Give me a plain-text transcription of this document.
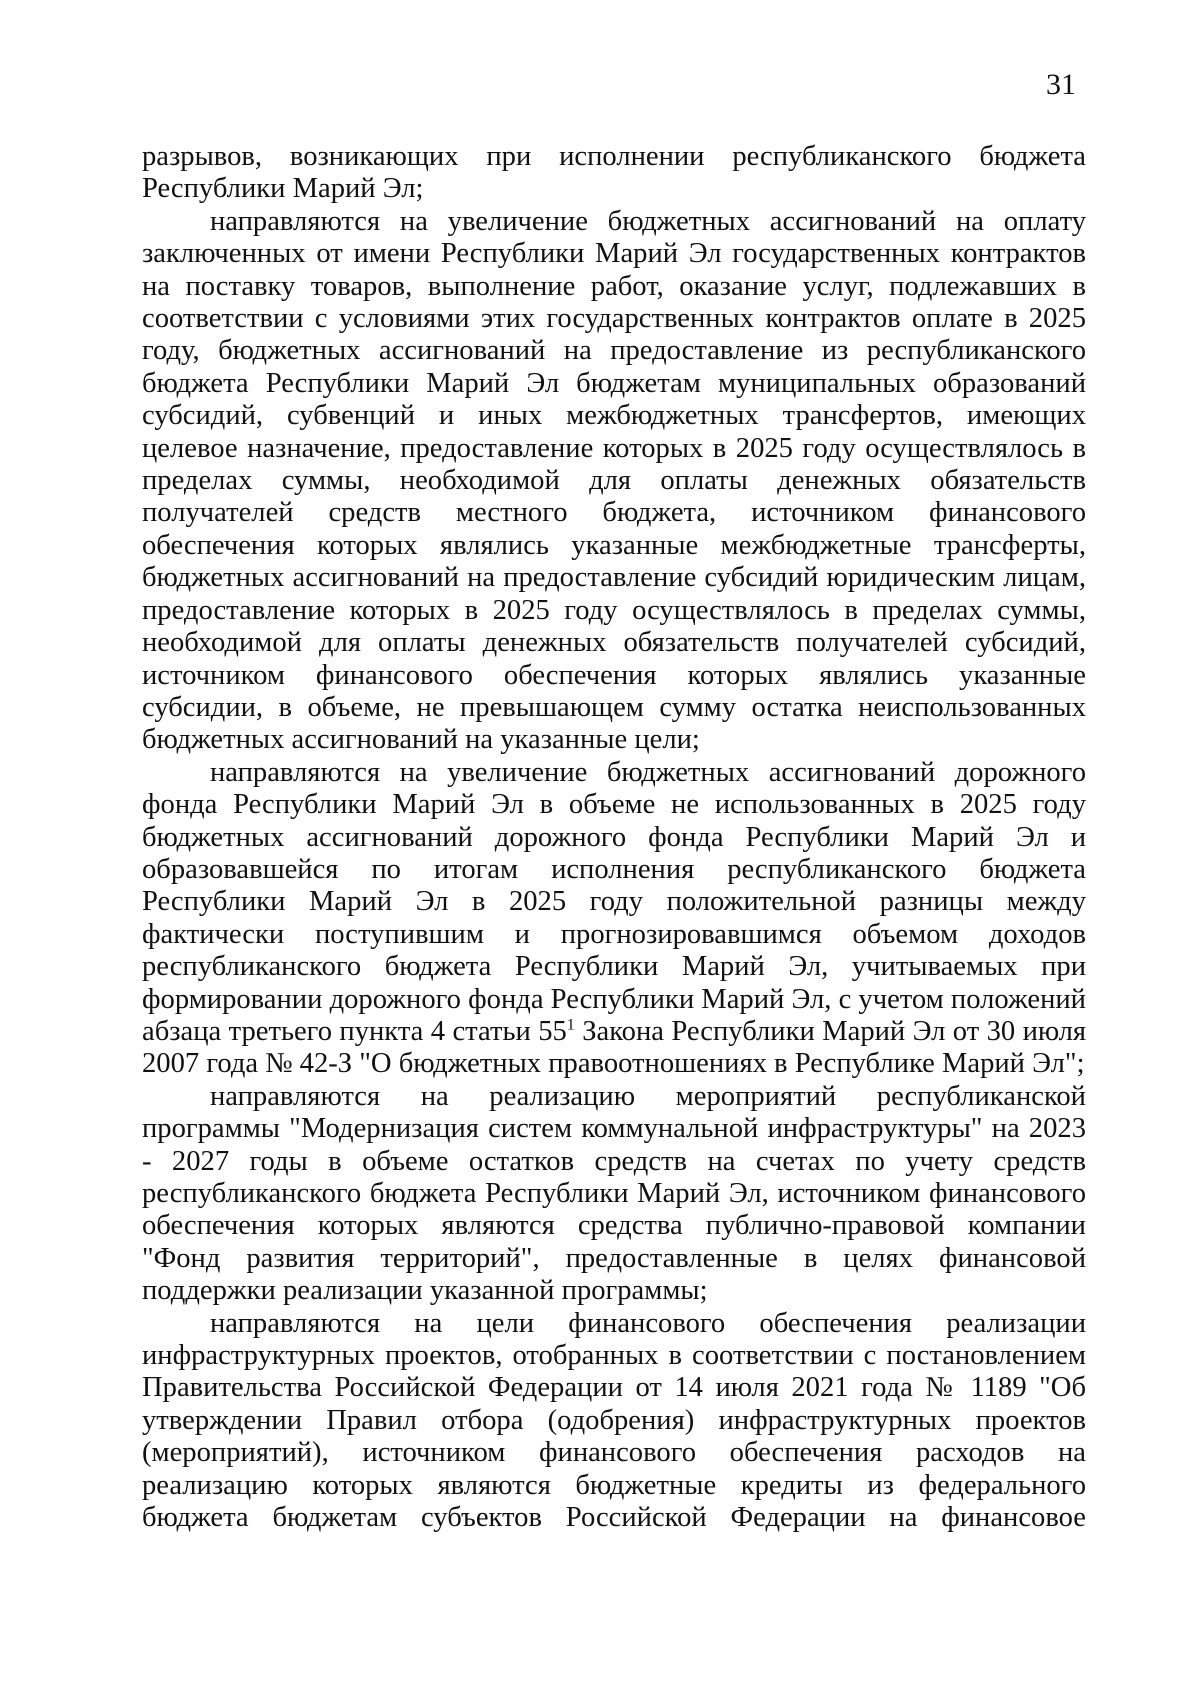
31

разрывов, возникающих при исполнении республиканского бюджета Республики Марий Эл;

направляются на увеличение бюджетных ассигнований на оплату заключенных от имени Республики Марий Эл государственных контрактов на поставку товаров, выполнение работ, оказание услуг, подлежавших в соответствии с условиями этих государственных контрактов оплате в 2025 году, бюджетных ассигнований на предоставление из республиканского бюджета Республики Марий Эл бюджетам муниципальных образований субсидий, субвенций и иных межбюджетных трансфертов, имеющих целевое назначение, предоставление которых в 2025 году осуществлялось в пределах суммы, необходимой для оплаты денежных обязательств получателей средств местного бюджета, источником финансового обеспечения которых являлись указанные межбюджетные трансферты, бюджетных ассигнований на предоставление субсидий юридическим лицам, предоставление которых в 2025 году осуществлялось в пределах суммы, необходимой для оплаты денежных обязательств получателей субсидий, источником финансового обеспечения которых являлись указанные субсидии, в объеме, не превышающем сумму остатка неиспользованных бюджетных ассигнований на указанные цели;

направляются на увеличение бюджетных ассигнований дорожного фонда Республики Марий Эл в объеме не использованных в 2025 году бюджетных ассигнований дорожного фонда Республики Марий Эл и образовавшейся по итогам исполнения республиканского бюджета Республики Марий Эл в 2025 году положительной разницы между фактически поступившим и прогнозировавшимся объемом доходов республиканского бюджета Республики Марий Эл, учитываемых при формировании дорожного фонда Республики Марий Эл, с учетом положений абзаца третьего пункта 4 статьи $55^1$ Закона Республики Марий Эл от 30 июля 2007 года № 42-З "О бюджетных правоотношениях в Республике Марий Эл";

направляются на реализацию мероприятий республиканской программы "Модернизация систем коммунальной инфраструктуры" на 2023 - 2027 годы в объеме остатков средств на счетах по учету средств республиканского бюджета Республики Марий Эл, источником финансового обеспечения которых являются средства публично-правовой компании "Фонд развития территорий", предоставленные в целях финансовой поддержки реализации указанной программы;

направляются на цели финансового обеспечения реализации инфраструктурных проектов, отобранных в соответствии с постановлением Правительства Российской Федерации от 14 июля 2021 года № 1189 "Об утверждении Правил отбора (одобрения) инфраструктурных проектов (мероприятий), источником финансового обеспечения расходов на реализацию которых являются бюджетные кредиты из федерального бюджета бюджетам субъектов Российской Федерации на финансовое
